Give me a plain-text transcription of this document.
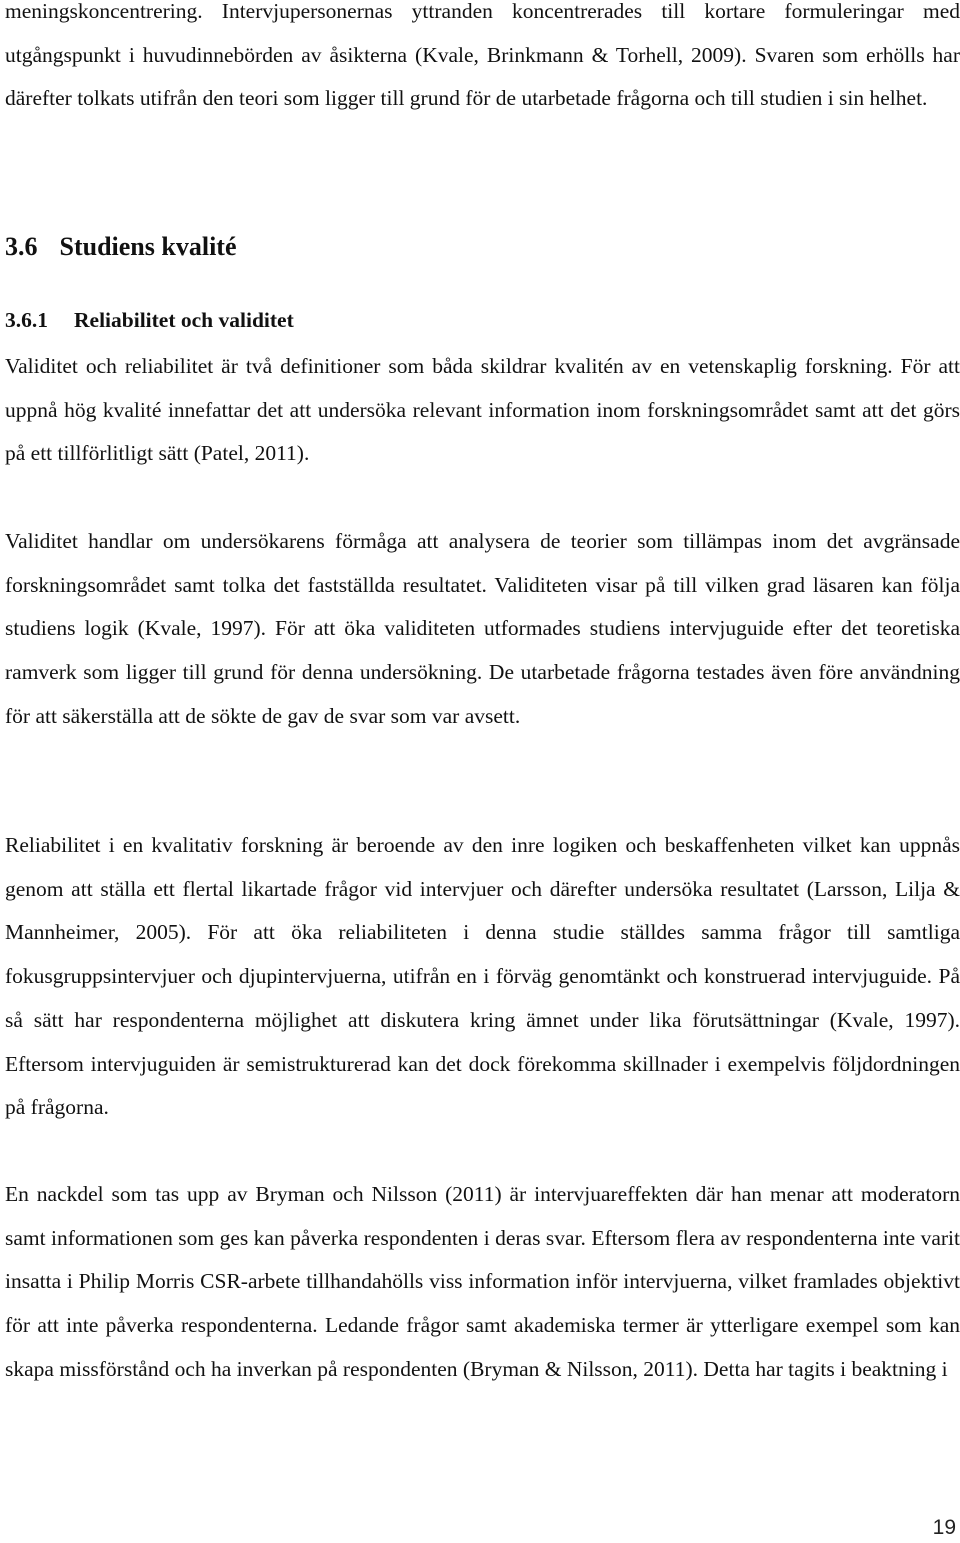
meningskoncentrering. Intervjupersonernas yttranden koncentrerades till kortare formuleringar med utgångspunkt i huvudinnebörden av åsikterna (Kvale, Brinkmann & Torhell, 2009). Svaren som erhölls har därefter tolkats utifrån den teori som ligger till grund för de utarbetade frågorna och till studien i sin helhet.

3.6 Studiens kvalité
3.6.1 Reliabilitet och validitet

Validitet och reliabilitet är två definitioner som båda skildrar kvalitén av en vetenskaplig forskning. För att uppnå hög kvalité innefattar det att undersöka relevant information inom forskningsområdet samt att det görs på ett tillförlitligt sätt (Patel, 2011).

Validitet handlar om undersökarens förmåga att analysera de teorier som tillämpas inom det avgränsade forskningsområdet samt tolka det fastställda resultatet. Validiteten visar på till vilken grad läsaren kan följa studiens logik (Kvale, 1997). För att öka validiteten utformades studiens intervjuguide efter det teoretiska ramverk som ligger till grund för denna undersökning. De utarbetade frågorna testades även före användning för att säkerställa att de sökte de gav de svar som var avsett.

Reliabilitet i en kvalitativ forskning är beroende av den inre logiken och beskaffenheten vilket kan uppnås genom att ställa ett flertal likartade frågor vid intervjuer och därefter undersöka resultatet (Larsson, Lilja & Mannheimer, 2005). För att öka reliabiliteten i denna studie ställdes samma frågor till samtliga fokusgruppsintervjuer och djupintervjuerna, utifrån en i förväg genomtänkt och konstruerad intervjuguide. På så sätt har respondenterna möjlighet att diskutera kring ämnet under lika förutsättningar (Kvale, 1997). Eftersom intervjuguiden är semistrukturerad kan det dock förekomma skillnader i exempelvis följdordningen på frågorna.

En nackdel som tas upp av Bryman och Nilsson (2011) är intervjuareffekten där han menar att moderatorn samt informationen som ges kan påverka respondenten i deras svar. Eftersom flera av respondenterna inte varit insatta i Philip Morris CSR-arbete tillhandahölls viss information inför intervjuerna, vilket framlades objektivt för att inte påverka respondenterna. Ledande frågor samt akademiska termer är ytterligare exempel som kan skapa missförstånd och ha inverkan på respondenten (Bryman & Nilsson, 2011). Detta har tagits i beaktning i

19
